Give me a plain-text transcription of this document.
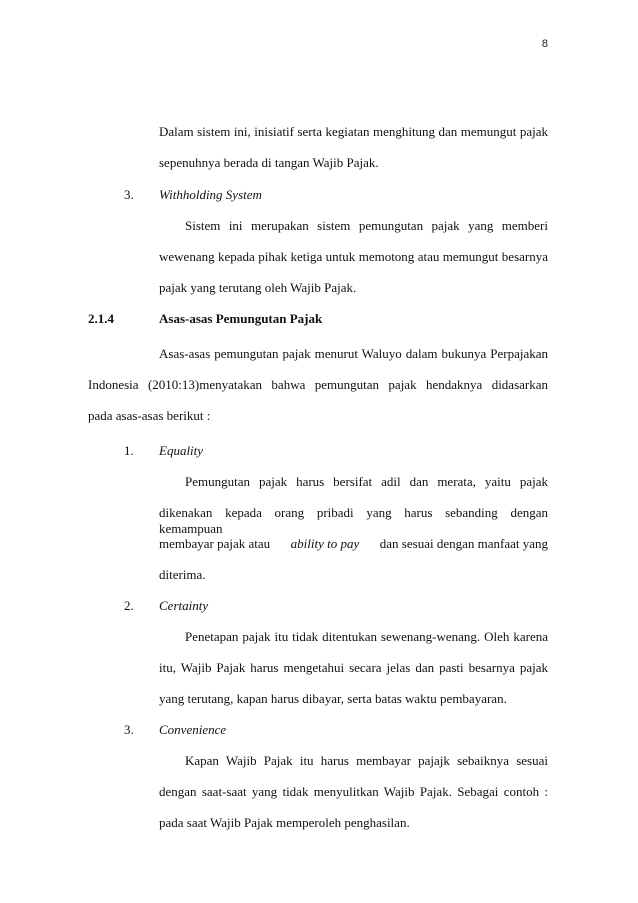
8
Dalam sistem ini, inisiatif serta kegiatan menghitung dan memungut pajak
sepenuhnya berada di tangan Wajib Pajak.
3. Withholding System
Sistem ini merupakan sistem pemungutan pajak yang memberi
wewenang kepada pihak ketiga untuk memotong atau memungut besarnya
pajak yang terutang oleh Wajib Pajak.
2.1.4	Asas-asas Pemungutan Pajak
Asas-asas pemungutan pajak menurut Waluyo dalam bukunya Perpajakan
Indonesia (2010:13)menyatakan bahwa pemungutan pajak hendaknya didasarkan
pada asas-asas berikut :
1. Equality
Pemungutan pajak harus bersifat adil dan merata, yaitu pajak
dikenakan kepada orang pribadi yang harus sebanding dengan kemampuan
membayar pajak atau ability to pay dan sesuai dengan manfaat yang
diterima.
2. Certainty
Penetapan pajak itu tidak ditentukan sewenang-wenang. Oleh karena
itu, Wajib Pajak harus mengetahui secara jelas dan pasti besarnya pajak
yang terutang, kapan harus dibayar, serta batas waktu pembayaran.
3. Convenience
Kapan Wajib Pajak itu harus membayar pajajk sebaiknya sesuai
dengan saat-saat yang tidak menyulitkan Wajib Pajak. Sebagai contoh :
pada saat Wajib Pajak memperoleh penghasilan.
